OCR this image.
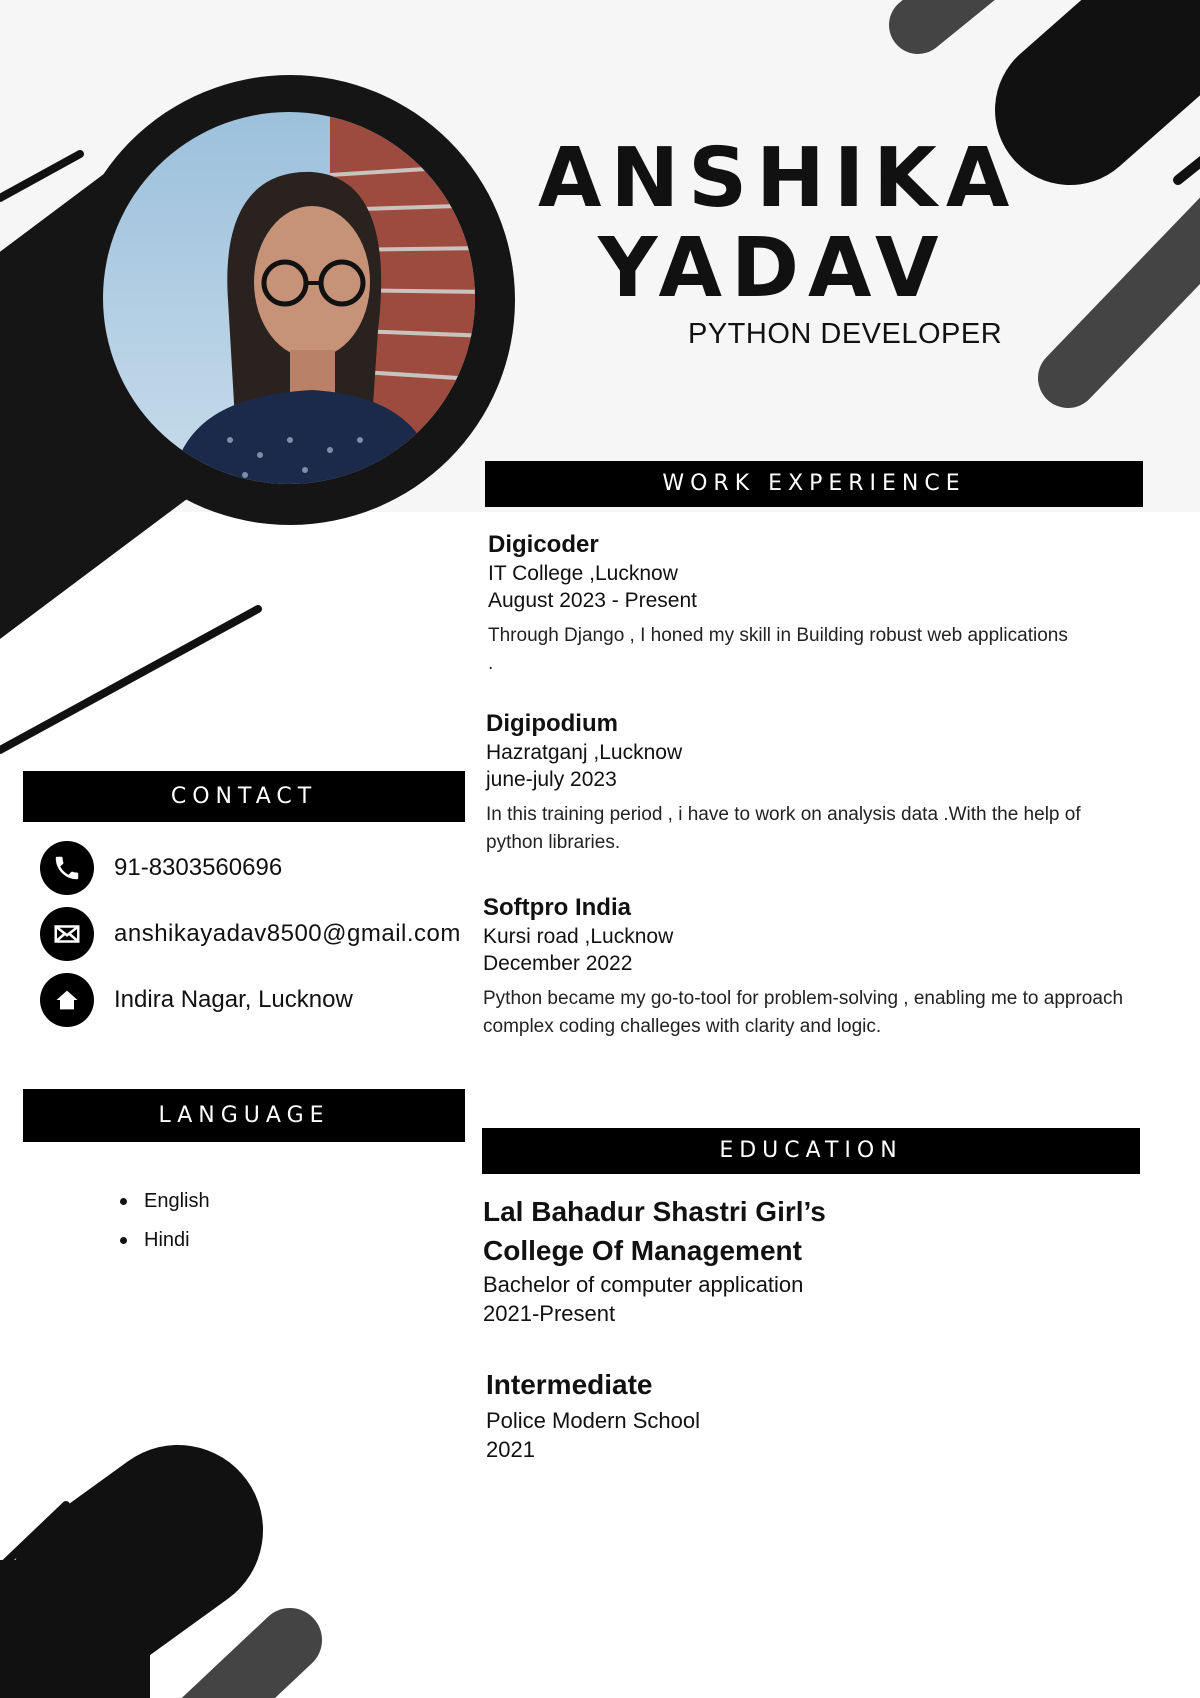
ANSHIKA
YADAV
PYTHON DEVELOPER
WORK EXPERIENCE
Digicoder
IT College ,Lucknow
August 2023 - Present
Through Django , I honed my skill in Building robust web applications .
Digipodium
Hazratganj ,Lucknow
june-july 2023
In this training period , i have to work on analysis data .With the help of python libraries.
Softpro India
Kursi road ,Lucknow
December 2022
Python became my go-to-tool for problem-solving , enabling me to approach complex coding challeges with clarity and logic.
CONTACT
91-8303560696
anshikayadav8500@gmail.com
Indira Nagar, Lucknow
LANGUAGE
English
Hindi
EDUCATION
Lal Bahadur Shastri Girl’s
College Of Management
Bachelor of computer application
2021-Present
Intermediate
Police Modern School
2021
